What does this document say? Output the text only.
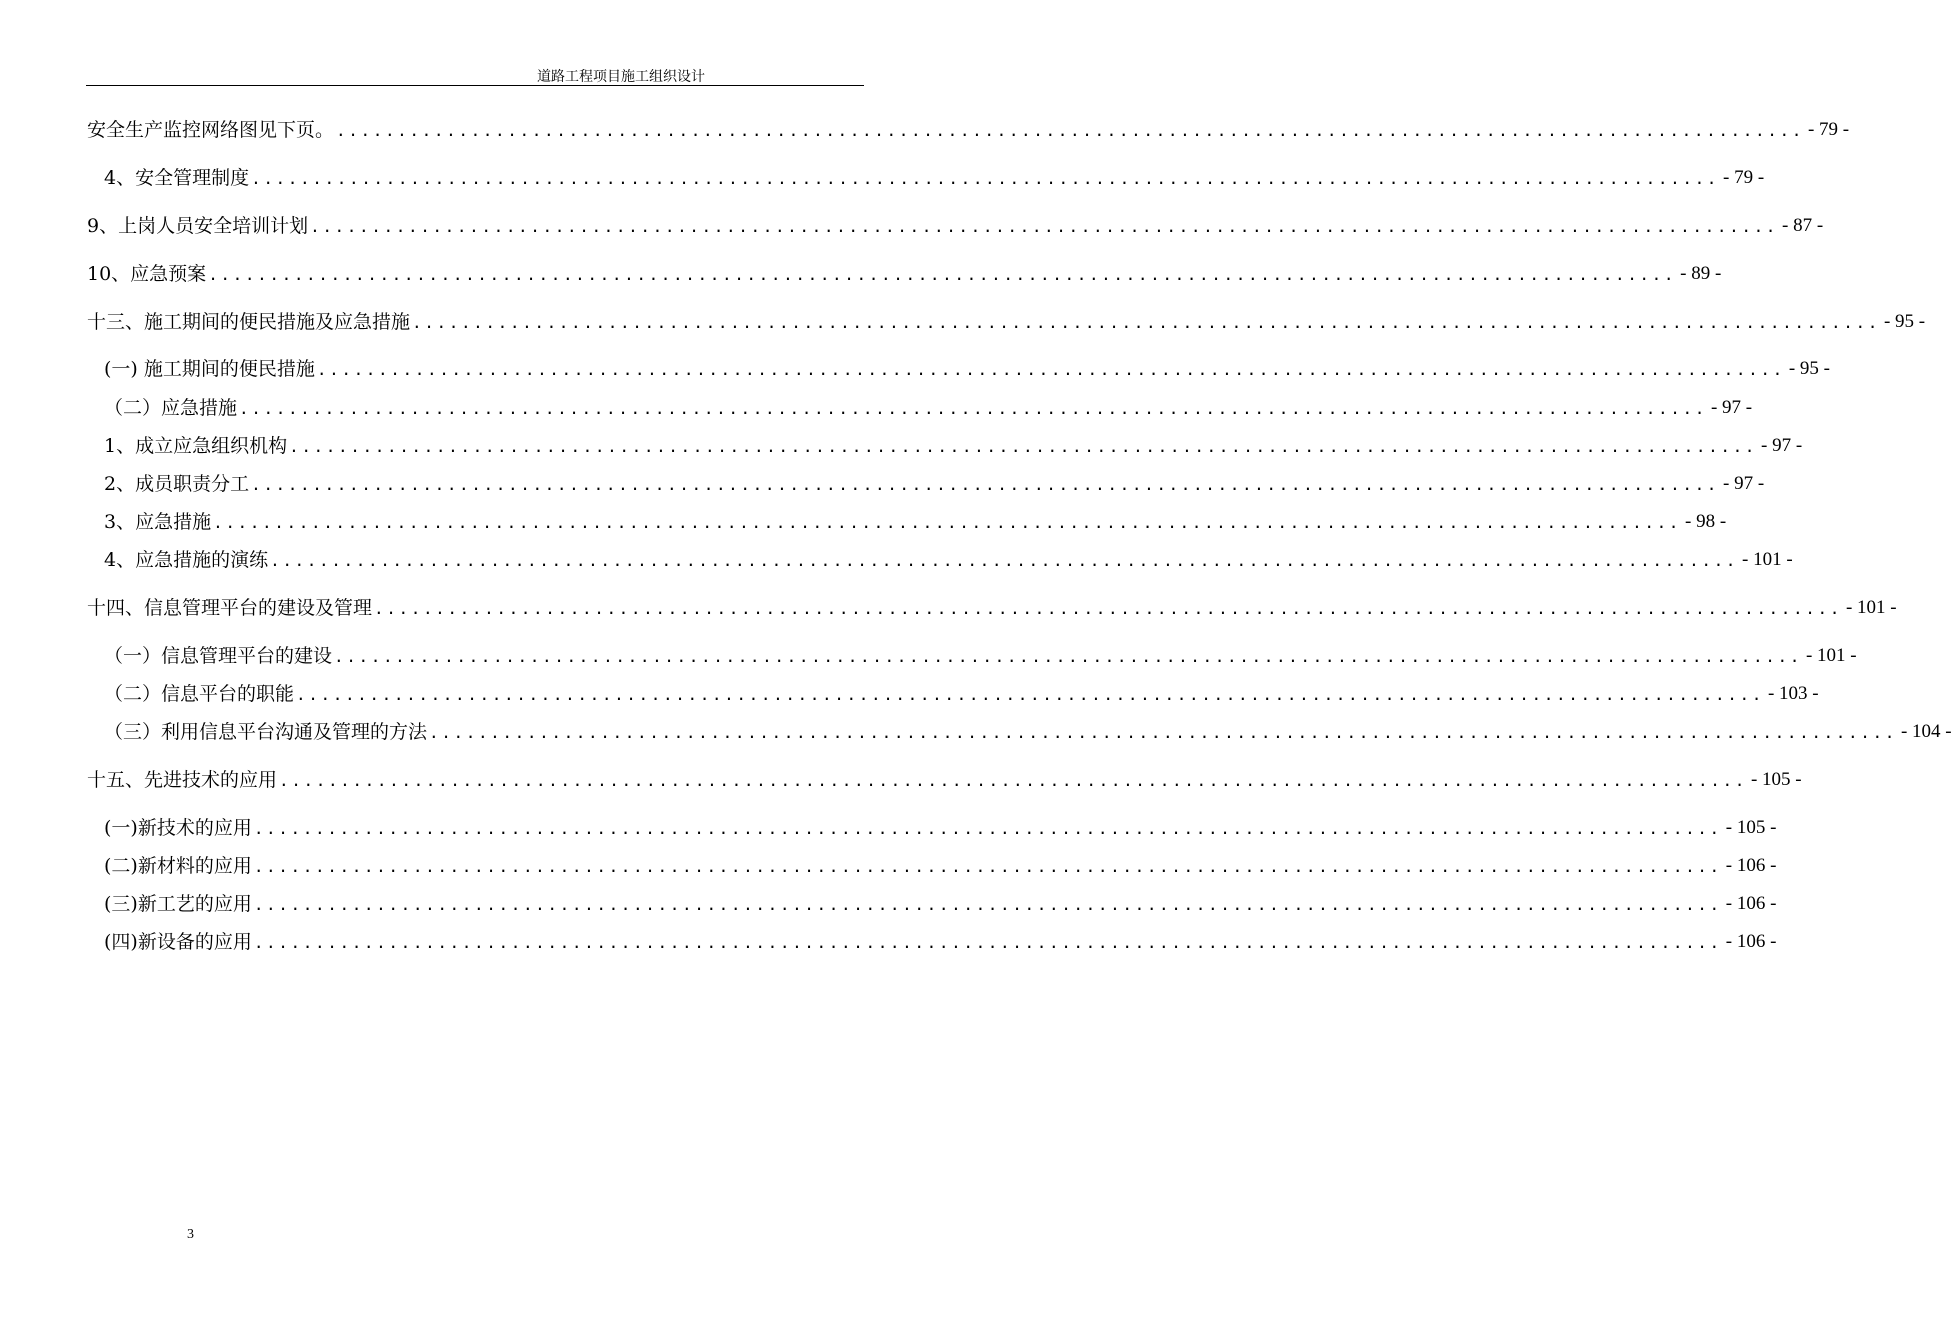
道路工程项目施工组织设计
安全生产监控网络图见下页。 ........................................................................................................................ - 79 -
4、安全管理制度 ........................................................................................................................ - 79 -
9、上岗人员安全培训计划 ........................................................................................................................ - 87 -
10、应急预案 ........................................................................................................................ - 89 -
十三、施工期间的便民措施及应急措施 ........................................................................................................................ - 95 -
(一) 施工期间的便民措施 ........................................................................................................................ - 95 -
（二）应急措施 ........................................................................................................................ - 97 -
1、成立应急组织机构 ........................................................................................................................ - 97 -
2、成员职责分工 ........................................................................................................................ - 97 -
3、应急措施 ........................................................................................................................ - 98 -
4、应急措施的演练 ........................................................................................................................ - 101 -
十四、信息管理平台的建设及管理 ........................................................................................................................ - 101 -
（一）信息管理平台的建设 ........................................................................................................................ - 101 -
（二）信息平台的职能 ........................................................................................................................ - 103 -
（三）利用信息平台沟通及管理的方法 ........................................................................................................................ - 104 -
十五、先进技术的应用 ........................................................................................................................ - 105 -
(一)新技术的应用 ........................................................................................................................ - 105 -
(二)新材料的应用 ........................................................................................................................ - 106 -
(三)新工艺的应用 ........................................................................................................................ - 106 -
(四)新设备的应用 ........................................................................................................................ - 106 -
3
